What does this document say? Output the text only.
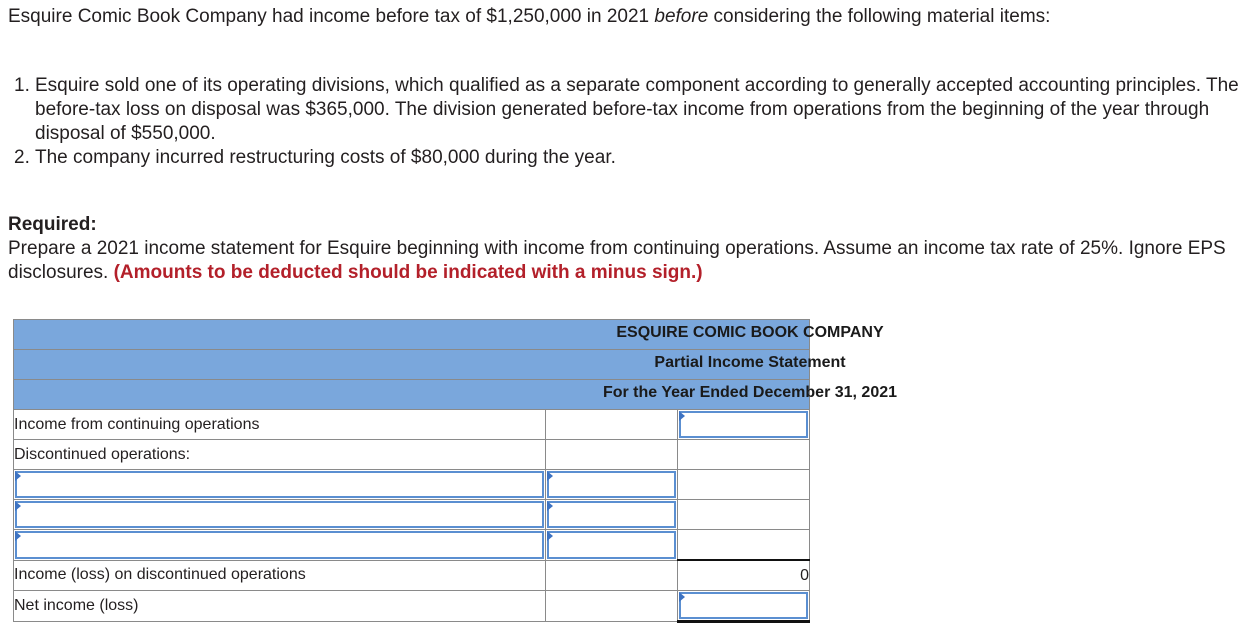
Esquire Comic Book Company had income before tax of $1,250,000 in 2021 before considering the following material items:
1. Esquire sold one of its operating divisions, which qualified as a separate component according to generally accepted accounting principles. The before-tax loss on disposal was $365,000. The division generated before-tax income from operations from the beginning of the year through disposal of $550,000.
2. The company incurred restructuring costs of $80,000 during the year.
Required:
Prepare a 2021 income statement for Esquire beginning with income from continuing operations. Assume an income tax rate of 25%. Ignore EPS disclosures. (Amounts to be deducted should be indicated with a minus sign.)

Income from continuing operations		

Discontinued operations:		

Income (loss) on discontinued operations		0
Net income (loss)		
ESQUIRE COMIC BOOK COMPANY
Partial Income Statement
For the Year Ended December 31, 2021
